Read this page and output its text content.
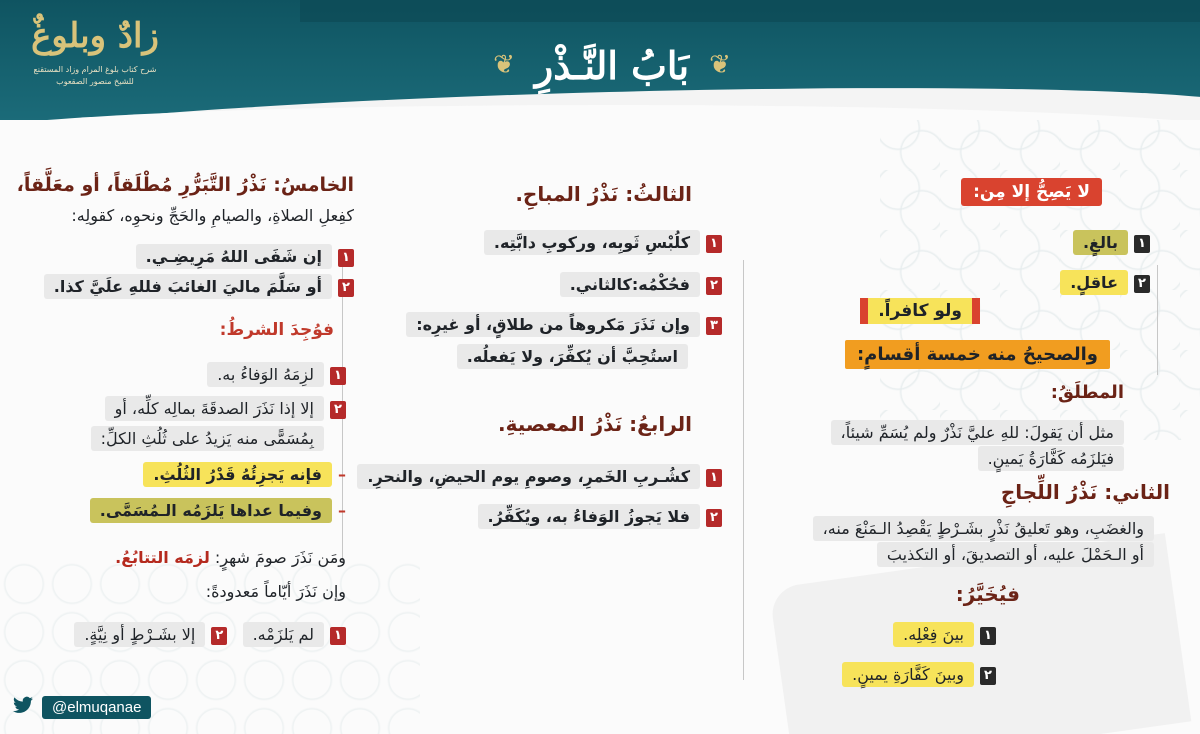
زادٌ وبلوغٌ
شرح كتاب بلوغ المرام وزاد المستقنع
للشيخ منصور الصقعوب
❦ بَابُ النَّـذْرِ ❦
لا يَصِحُّ إلا مِن:
١بالغٍ.
٢عاقلٍ.
ولو كافراً.
والصحيحُ منه خمسة أقسامٍ:
المطلَقُ:
مثل أن يَقولَ: للهِ عليَّ نَذْرٌ ولم يُسَمِّ شيئاً،
فيَلزَمُه كَفَّارَةُ يَمينٍ.
الثاني: نَذْرُ اللِّجاجِ
والغضَبِ، وهو تَعليقُ نَذْرٍ بشَـرْطٍ يَقْصِدُ الـمَنْعَ منه،
أو الـحَمْلَ عليه، أو التصديقَ، أو التكذيبَ
فيُخَيَّرُ:
١بينَ فِعْلِه.
٢وبينَ كَفَّارَةِ يمينٍ.
الثالثُ: نَذْرُ المباحِ.
١كلُبْسِ ثَوبِه، وركوبِ دابَّتِه.
٢فحُكْمُه:كالثاني.
٣وإن نَذَرَ مَكروهاً من طلاقٍ، أو غيرِه:
استُحِبَّ أن يُكفِّرَ، ولا يَفعلُه.
الرابعُ: نَذْرُ المعصيةِ.
١كشُـربِ الخَمرِ، وصومِ يوم الحيضِ، والنحرِ.
٢فلا يَجوزُ الوَفاءُ به، ويُكَفِّرُ.
الخامسُ: نَذْرُ التَّبَرُّرِ مُطْلَقاً، أو معَلَّقاً،
كفِعلِ الصلاةِ، والصيامِ والحَجِّ ونحوِه، كقولِه:
١إن شَفَى اللهُ مَرِيضِـي.
٢أو سَلَّمَ ماليَ الغائبَ فللهِ علَيَّ كذا.
فوُجِدَ الشرطُ:
١لزِمَهُ الوَفاءُ به.
٢إلا إذا نَذَرَ الصدقَةَ بمالِه كلِّه، أو
بِمُسَمًّى منه يَزيدُ على ثُلُثِ الكلِّ:
–فإنه يَجزِئُهُ قَدْرُ الثُلُثِ.
–وفيما عداها يَلزَمُه الـمُسَمَّى.
ومَن نَذَرَ صومَ شهرٍ: لزمَه التتابُعُ.
وإن نَذَرَ أيّاماً مَعدودةً:
١لم يَلزَمْه.   ٢إلا بشَـرْطٍ أو نِيَّةٍ.
@elmuqanae
